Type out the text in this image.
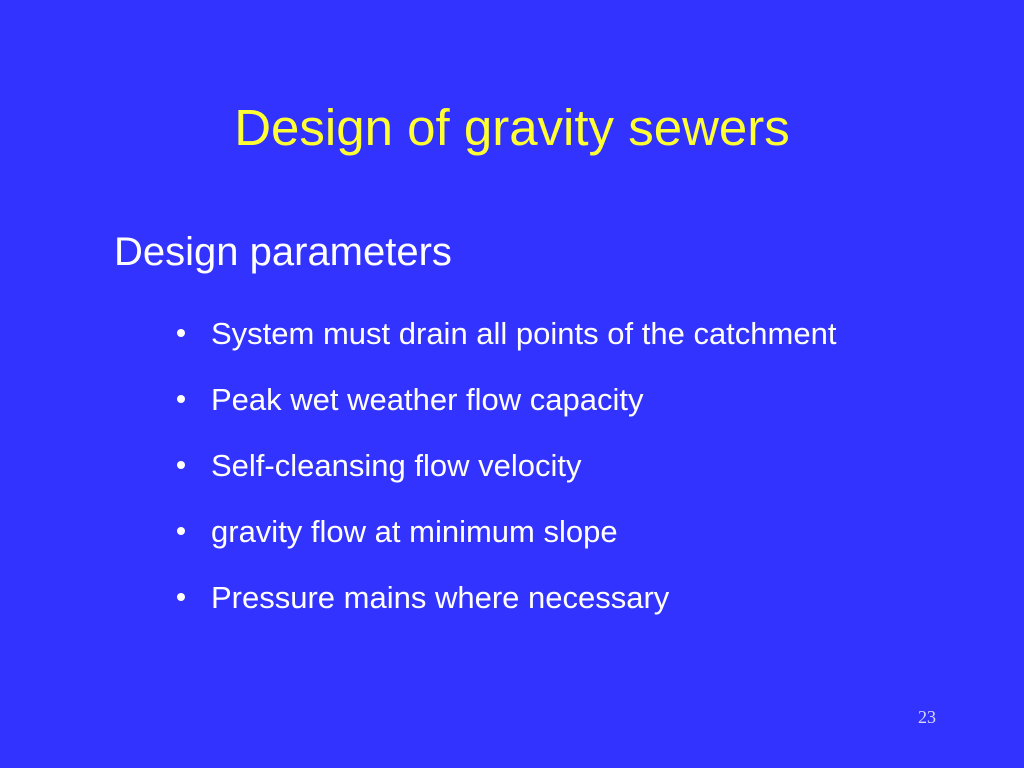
Design of gravity sewers
Design parameters
System must drain all points of the catchment
Peak wet weather flow capacity
Self-cleansing flow velocity
gravity flow at minimum slope
Pressure mains where necessary
23
